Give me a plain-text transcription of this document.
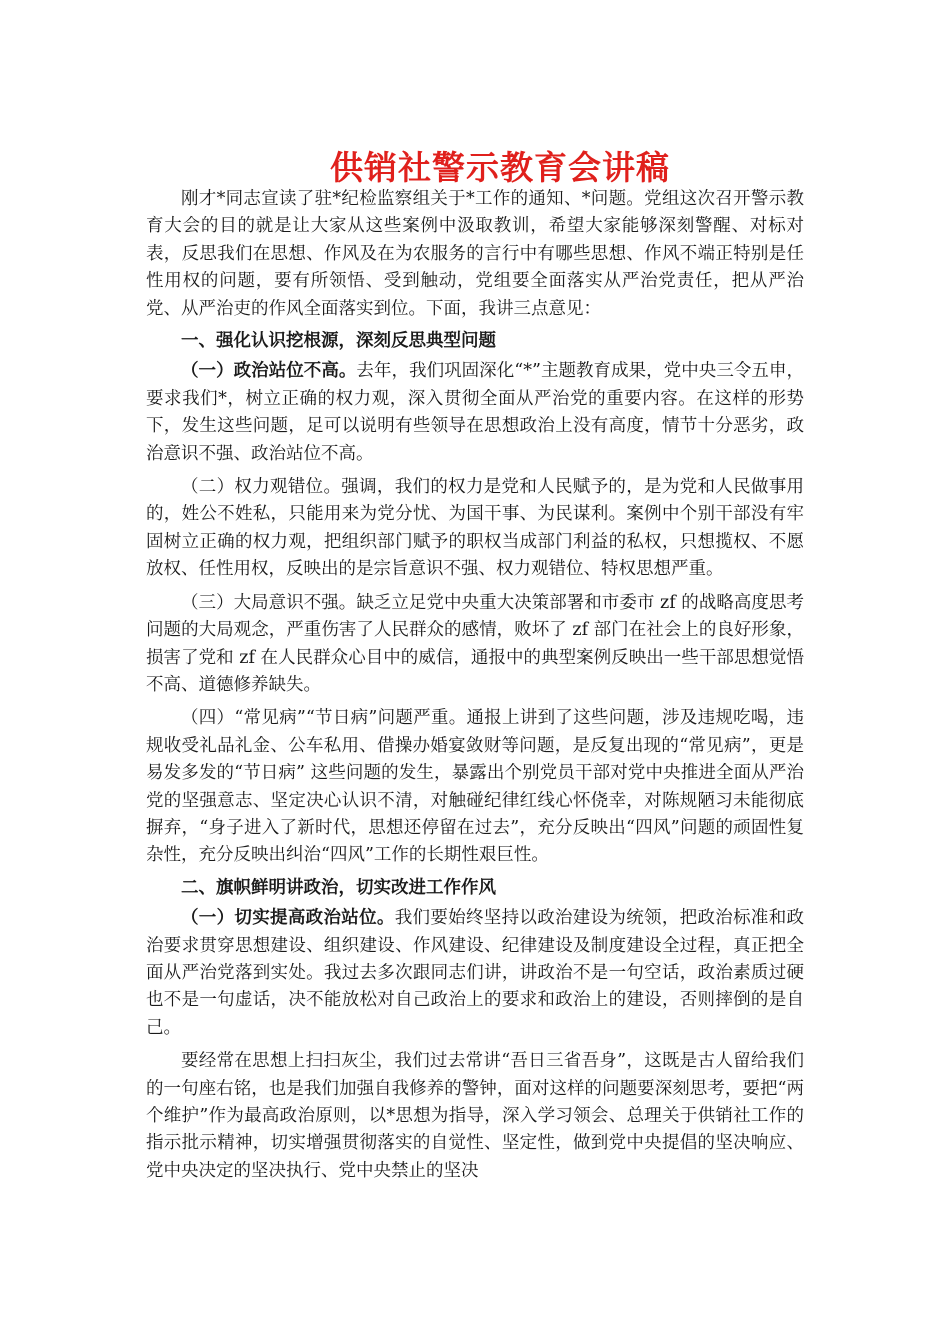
供销社警示教育会讲稿

刚才*同志宣读了驻*纪检监察组关于*工作的通知、*问题。党组这次召开警示教育大会的目的就是让大家从这些案例中汲取教训，希望大家能够深刻警醒、对标对表，反思我们在思想、作风及在为农服务的言行中有哪些思想、作风不端正特别是任性用权的问题，要有所领悟、受到触动，党组要全面落实从严治党责任，把从严治党、从严治吏的作风全面落实到位。下面，我讲三点意见：

一、强化认识挖根源，深刻反思典型问题

（一）政治站位不高。去年，我们巩固深化“*”主题教育成果，党中央三令五申，要求我们*，树立正确的权力观，深入贯彻全面从严治党的重要内容。在这样的形势下，发生这些问题，足可以说明有些领导在思想政治上没有高度，情节十分恶劣，政治意识不强、政治站位不高。

（二）权力观错位。强调，我们的权力是党和人民赋予的，是为党和人民做事用的，姓公不姓私，只能用来为党分忧、为国干事、为民谋利。案例中个别干部没有牢固树立正确的权力观，把组织部门赋予的职权当成部门利益的私权，只想揽权、不愿放权、任性用权，反映出的是宗旨意识不强、权力观错位、特权思想严重。

（三）大局意识不强。缺乏立足党中央重大决策部署和市委市 zf 的战略高度思考问题的大局观念，严重伤害了人民群众的感情，败坏了 zf 部门在社会上的良好形象，损害了党和 zf 在人民群众心目中的威信，通报中的典型案例反映出一些干部思想觉悟不高、道德修养缺失。

（四）“常见病”“节日病”问题严重。通报上讲到了这些问题，涉及违规吃喝，违规收受礼品礼金、公车私用、借操办婚宴敛财等问题，是反复出现的“常见病”，更是易发多发的“节日病” 这些问题的发生，暴露出个别党员干部对党中央推进全面从严治党的坚强意志、坚定决心认识不清，对触碰纪律红线心怀侥幸，对陈规陋习未能彻底摒弃，“身子进入了新时代，思想还停留在过去”，充分反映出“四风”问题的顽固性复杂性，充分反映出纠治“四风”工作的长期性艰巨性。

二、旗帜鲜明讲政治，切实改进工作作风

（一）切实提高政治站位。我们要始终坚持以政治建设为统领，把政治标准和政治要求贯穿思想建设、组织建设、作风建设、纪律建设及制度建设全过程，真正把全面从严治党落到实处。我过去多次跟同志们讲，讲政治不是一句空话，政治素质过硬也不是一句虚话，决不能放松对自己政治上的要求和政治上的建设，否则摔倒的是自己。

要经常在思想上扫扫灰尘，我们过去常讲“吾日三省吾身”，这既是古人留给我们的一句座右铭，也是我们加强自我修养的警钟，面对这样的问题要深刻思考，要把“两个维护”作为最高政治原则，以*思想为指导，深入学习领会、总理关于供销社工作的指示批示精神，切实增强贯彻落实的自觉性、坚定性，做到党中央提倡的坚决响应、党中央决定的坚决执行、党中央禁止的坚决
